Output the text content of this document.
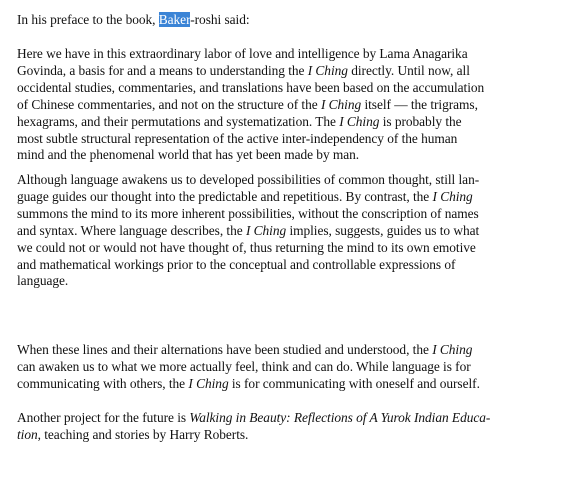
In his preface to the book, Baker-roshi said:
Here we have in this extraordinary labor of love and intelligence by Lama Anagarika
Govinda, a basis for and a means to understanding the I Ching directly. Until now, all
occidental studies, commentaries, and translations have been based on the accumulation
of Chinese commentaries, and not on the structure of the I Ching itself — the trigrams,
hexagrams, and their permutations and systematization. The I Ching is probably the
most subtle structural representation of the active inter-independency of the human
mind and the phenomenal world that has yet been made by man.
Although language awakens us to developed possibilities of common thought, still lan-
guage guides our thought into the predictable and repetitious. By contrast, the I Ching
summons the mind to its more inherent possibilities, without the conscription of names
and syntax. Where language describes, the I Ching implies, suggests, guides us to what
we could not or would not have thought of, thus returning the mind to its own emotive
and mathematical workings prior to the conceptual and controllable expressions of
language.
When these lines and their alternations have been studied and understood, the I Ching
can awaken us to what we more actually feel, think and can do. While language is for
communicating with others, the I Ching is for communicating with oneself and ourself.
Another project for the future is Walking in Beauty: Reflections of A Yurok Indian Educa-
tion, teaching and stories by Harry Roberts.
